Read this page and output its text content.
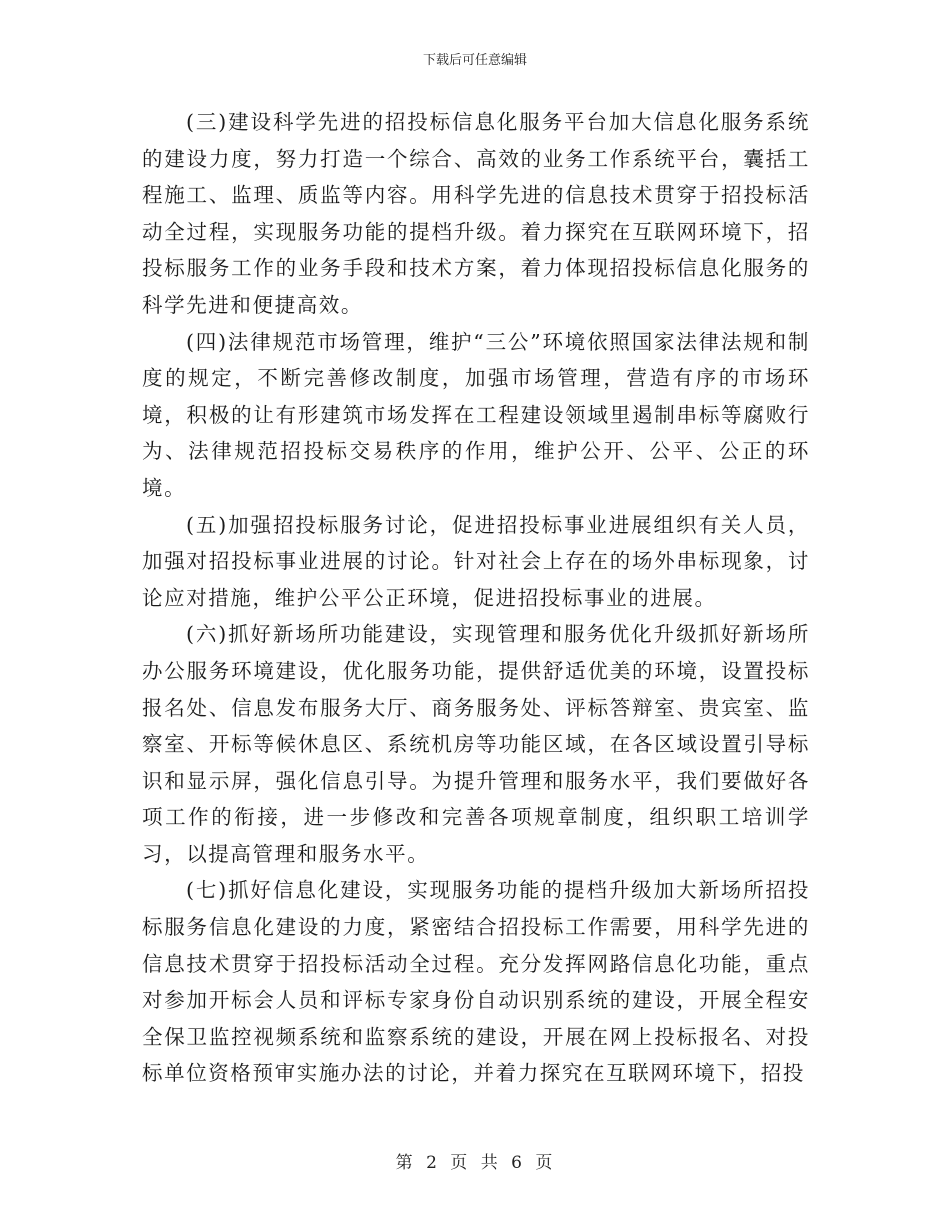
下载后可任意编辑

(三)建设科学先进的招投标信息化服务平台加大信息化服务系统的建设力度，努力打造一个综合、高效的业务工作系统平台，囊括工程施工、监理、质监等内容。用科学先进的信息技术贯穿于招投标活动全过程，实现服务功能的提档升级。着力探究在互联网环境下，招投标服务工作的业务手段和技术方案，着力体现招投标信息化服务的科学先进和便捷高效。

(四)法律规范市场管理，维护“三公”环境依照国家法律法规和制度的规定，不断完善修改制度，加强市场管理，营造有序的市场环境，积极的让有形建筑市场发挥在工程建设领域里遏制串标等腐败行为、法律规范招投标交易秩序的作用，维护公开、公平、公正的环境。

(五)加强招投标服务讨论，促进招投标事业进展组织有关人员，加强对招投标事业进展的讨论。针对社会上存在的场外串标现象，讨论应对措施，维护公平公正环境，促进招投标事业的进展。

(六)抓好新场所功能建设，实现管理和服务优化升级抓好新场所办公服务环境建设，优化服务功能，提供舒适优美的环境，设置投标报名处、信息发布服务大厅、商务服务处、评标答辩室、贵宾室、监察室、开标等候休息区、系统机房等功能区域，在各区域设置引导标识和显示屏，强化信息引导。为提升管理和服务水平，我们要做好各项工作的衔接，进一步修改和完善各项规章制度，组织职工培训学习，以提高管理和服务水平。

(七)抓好信息化建设，实现服务功能的提档升级加大新场所招投标服务信息化建设的力度，紧密结合招投标工作需要，用科学先进的信息技术贯穿于招投标活动全过程。充分发挥网路信息化功能，重点对参加开标会人员和评标专家身份自动识别系统的建设，开展全程安全保卫监控视频系统和监察系统的建设，开展在网上投标报名、对投标单位资格预审实施办法的讨论，并着力探究在互联网环境下，招投

第 2 页 共 6 页
